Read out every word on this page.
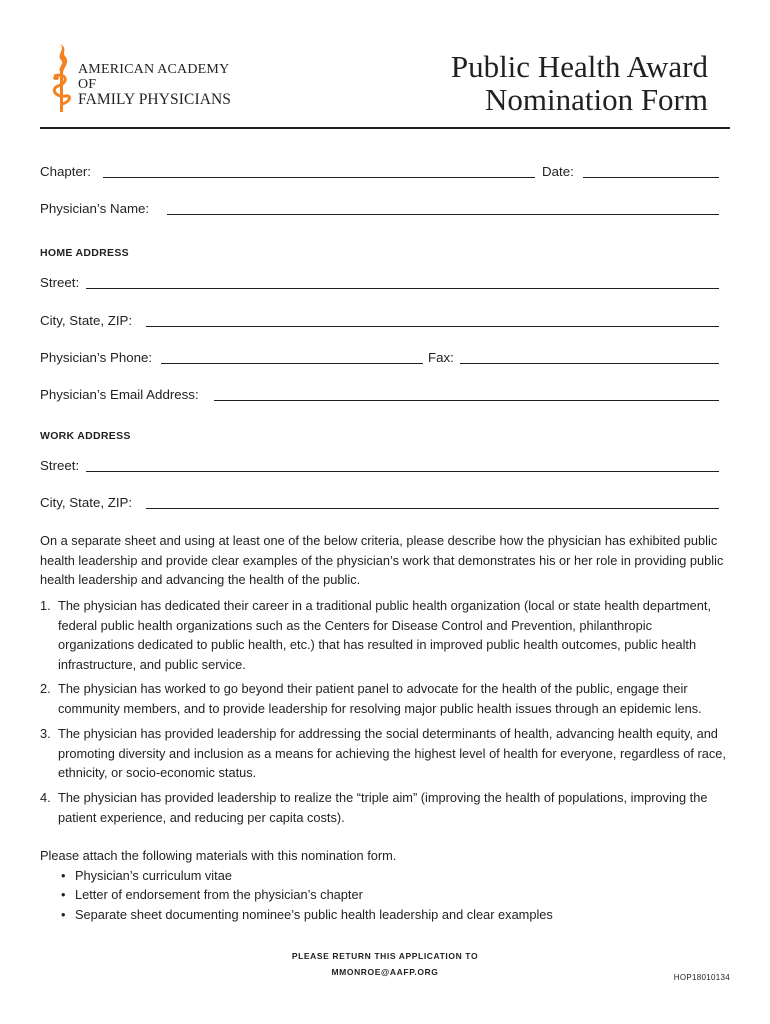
AMERICAN ACADEMY OF
FAMILY PHYSICIANS
Public Health Award
Nomination Form
Chapter:	Date:
Physician’s Name:
HOME ADDRESS
Street:
City, State, ZIP:
Physician’s Phone:	Fax:
Physician’s Email Address:
WORK ADDRESS
Street:
City, State, ZIP:
On a separate sheet and using at least one of the below criteria, please describe how the physician has exhibited public health leadership and provide clear examples of the physician’s work that demonstrates his or her role in providing public health leadership and advancing the health of the public.
1. The physician has dedicated their career in a traditional public health organization (local or state health department, federal public health organizations such as the Centers for Disease Control and Prevention, philanthropic organizations dedicated to public health, etc.) that has resulted in improved public health outcomes, public health infrastructure, and public service.
2. The physician has worked to go beyond their patient panel to advocate for the health of the public, engage their community members, and to provide leadership for resolving major public health issues through an epidemic lens.
3. The physician has provided leadership for addressing the social determinants of health, advancing health equity, and promoting diversity and inclusion as a means for achieving the highest level of health for everyone, regardless of race, ethnicity, or socio-economic status.
4. The physician has provided leadership to realize the “triple aim” (improving the health of populations, improving the patient experience, and reducing per capita costs).
Please attach the following materials with this nomination form.
• Physician’s curriculum vitae
• Letter of endorsement from the physician’s chapter
• Separate sheet documenting nominee’s public health leadership and clear examples
PLEASE RETURN THIS APPLICATION TO
MMONROE@AAFP.ORG
HOP18010134
